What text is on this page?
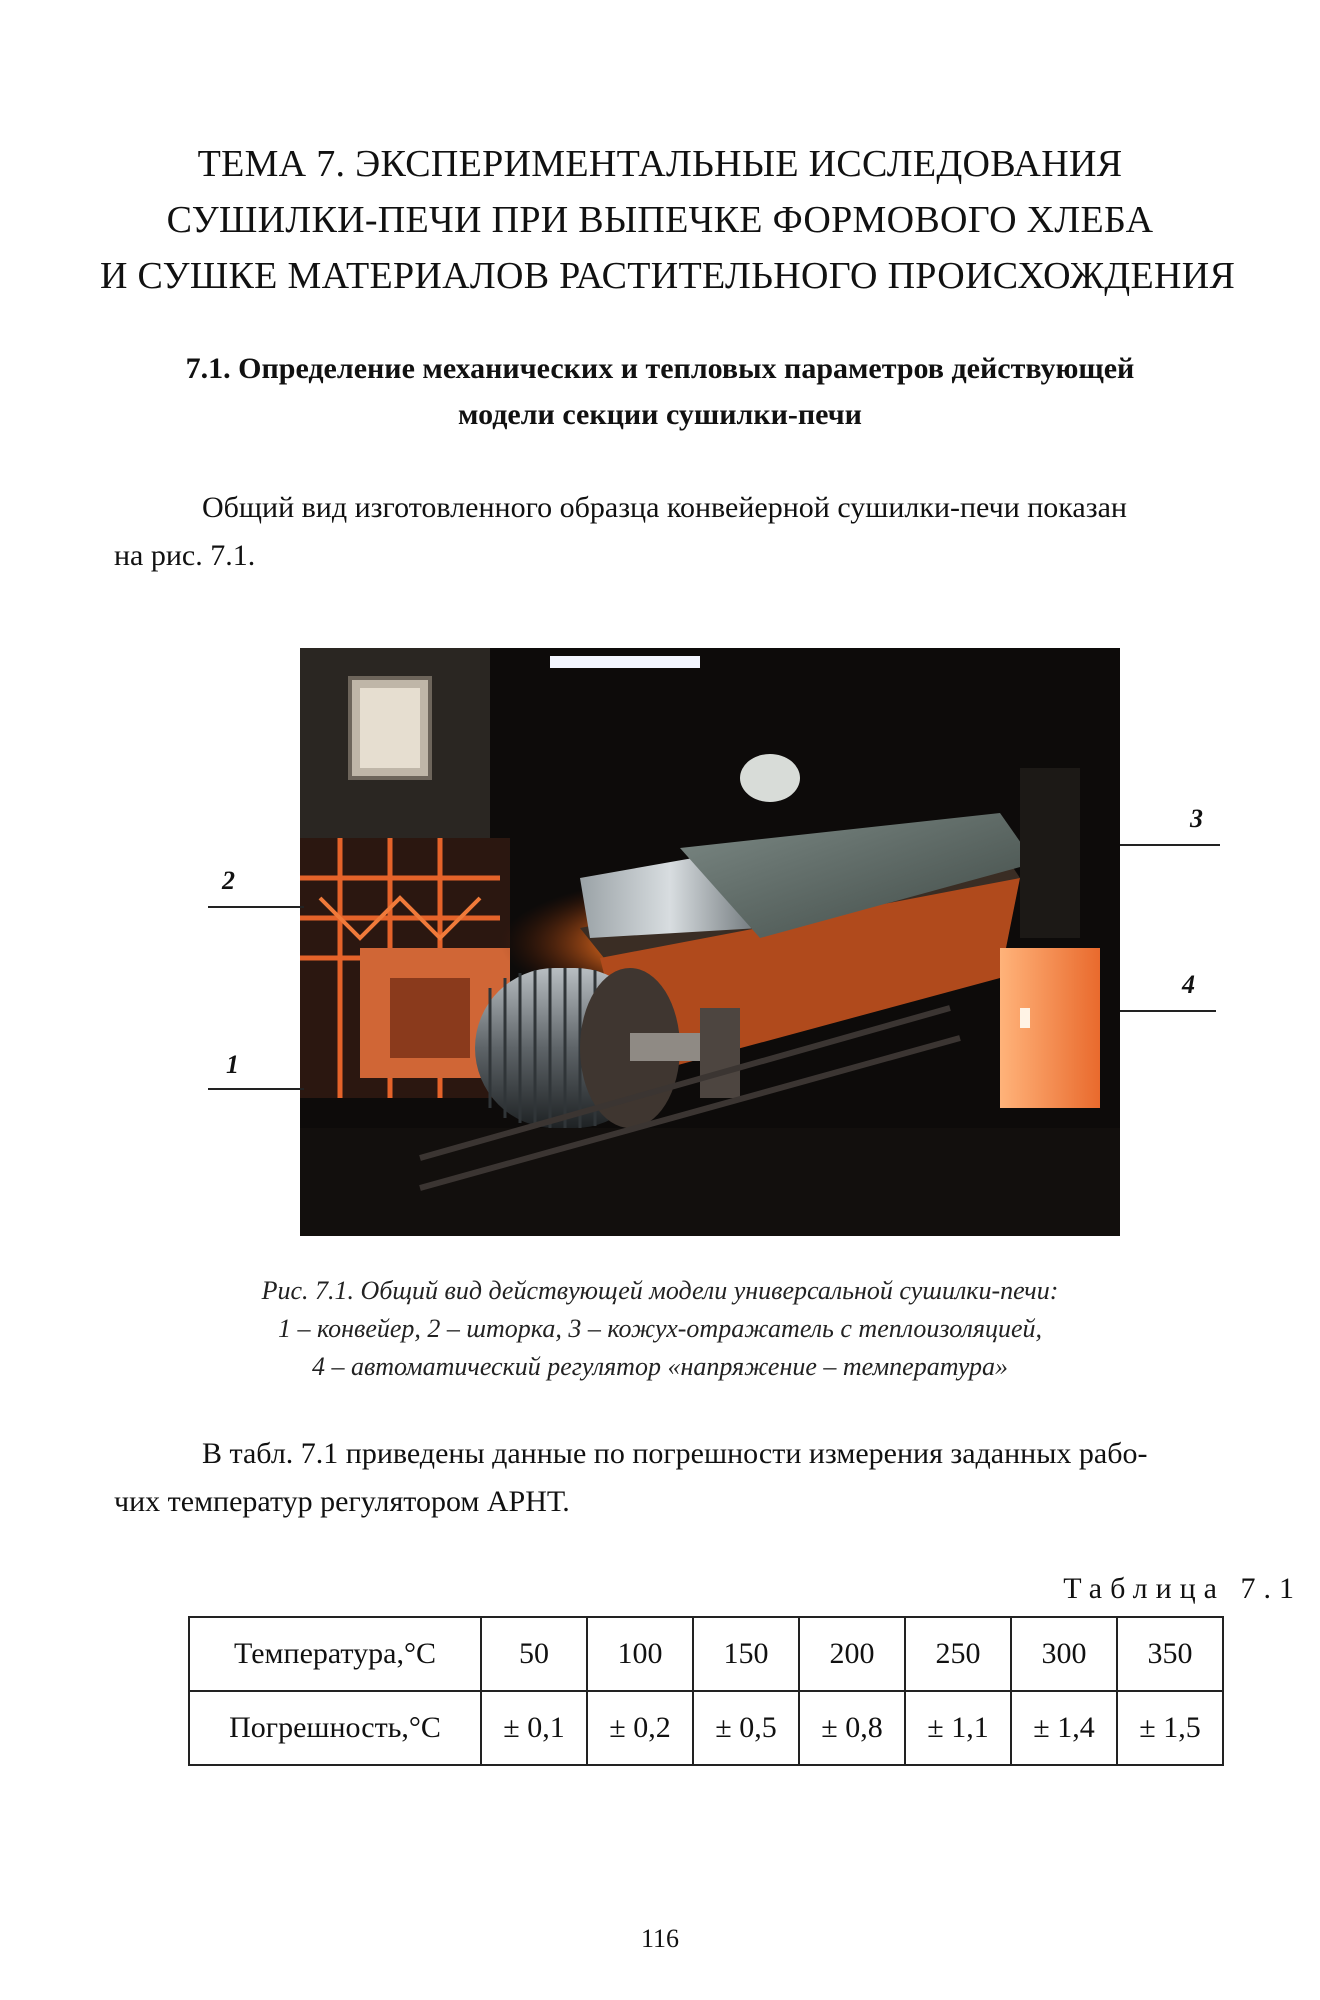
ТЕМА 7. ЭКСПЕРИМЕНТАЛЬНЫЕ ИССЛЕДОВАНИЯ
СУШИЛКИ-ПЕЧИ ПРИ ВЫПЕЧКЕ ФОРМОВОГО ХЛЕБА
И СУШКЕ МАТЕРИАЛОВ РАСТИТЕЛЬНОГО ПРОИСХОЖДЕНИЯ
7.1. Определение механических и тепловых параметров действующей
модели секции сушилки-печи
Общий вид изготовленного образца конвейерной сушилки-печи показан
на рис. 7.1.
2
3
4
1
Рис. 7.1. Общий вид действующей модели универсальной сушилки-печи:
1 – конвейер, 2 – шторка, 3 – кожух-отражатель с теплоизоляцией,
4 – автоматический регулятор «напряжение – температура»
В табл. 7.1 приведены данные по погрешности измерения заданных рабо-
чих температур регулятором АРНТ.
Таблица 7.1
Температура,°С	50	100	150	200	250	300	350
Погрешность,°С	± 0,1	± 0,2	± 0,5	± 0,8	± 1,1	± 1,4	± 1,5
116
